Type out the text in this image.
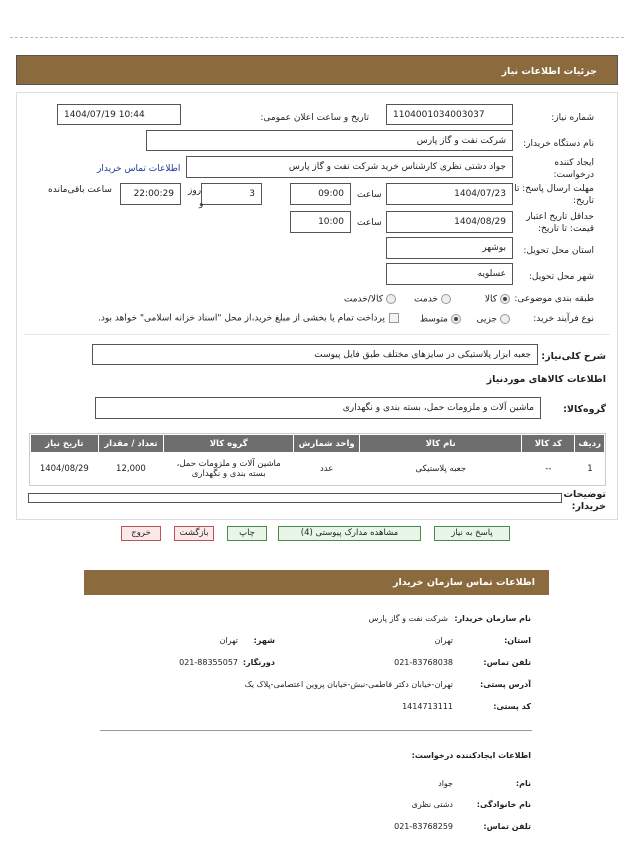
جزئیات اطلاعات نیاز
شماره نیاز:
1104001034003037
تاریخ و ساعت اعلان عمومی:
1404/07/19 10:44
نام دستگاه خریدار:
شرکت نفت و گاز پارس
ایجاد کننده
درخواست:
جواد دشتی نظری کارشناس خرید شرکت نفت و گاز پارس
اطلاعات تماس خریدار
مهلت ارسال پاسخ: تا
تاریخ:
1404/07/23
ساعت
09:00
3
روز
و
22:00:29
ساعت باقی‌مانده
حداقل تاریخ اعتبار
قیمت: تا تاریخ:
1404/08/29
ساعت
10:00
استان محل تحویل:
بوشهر
شهر محل تحویل:
عسلویه
طبقه بندی موضوعی:
کالا
خدمت
کالا/خدمت
نوع فرآیند خرید:
جزیی
متوسط
پرداخت تمام یا بخشی از مبلغ خرید،از محل "اسناد خزانه اسلامی" خواهد بود.
شرح کلی‌نیاز:
جعبه ابزار پلاستیکی در سایزهای مختلف طبق فایل پیوست
اطلاعات کالاهای موردنیاز
گروه‌کالا:
ماشین آلات و ملزومات حمل، بسته بندی و نگهداری
ردیف	کد کالا	نام کالا	واحد شمارش	گروه کالا	تعداد / مقدار	تاریخ نیاز
1	--	جعبه پلاستیکی	عدد	ماشین آلات و ملزومات حمل، بسته بندی و نگهداری	12,000	1404/08/29
توضیحات
خریدار:
پاسخ به نیاز
مشاهده مدارک پیوستی (4)
چاپ
بازگشت
خروج
اطلاعات تماس سازمان خریدار
نام سازمان خریدار:
شرکت نفت و گاز پارس
استان:
تهران
شهر:
تهران
تلفن تماس:
021-83768038
دورنگار:
021-88355057
آدرس پستی:
تهران-خیابان دکتر فاطمی-نبش-خیابان پروین اعتصامی-پلاک یک
کد پستی:
1414713111
اطلاعات ایجادکننده درخواست:
نام:
جواد
نام خانوادگی:
دشتی نظری
تلفن تماس:
021-83768259
